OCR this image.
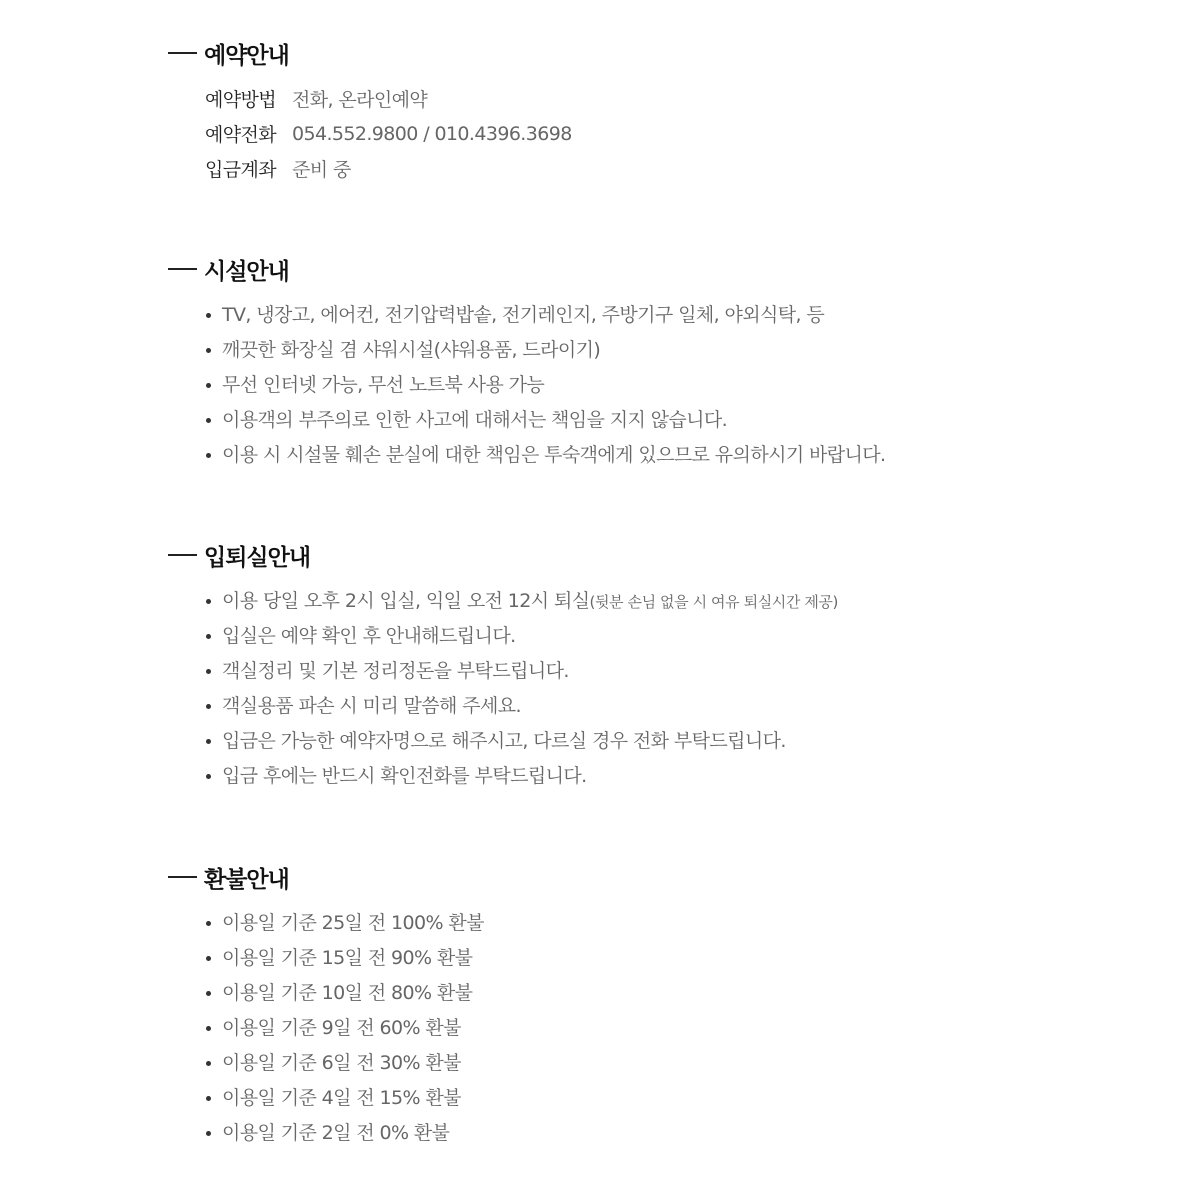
예약안내
예약방법 전화, 온라인예약
예약전화 054.552.9800 / 010.4396.3698
입금계좌 준비 중
시설안내
TV, 냉장고, 에어컨, 전기압력밥솥, 전기레인지, 주방기구 일체, 야외식탁, 등
깨끗한 화장실 겸 샤워시설(샤워용품, 드라이기)
무선 인터넷 가능, 무선 노트북 사용 가능
이용객의 부주의로 인한 사고에 대해서는 책임을 지지 않습니다.
이용 시 시설물 훼손 분실에 대한 책임은 투숙객에게 있으므로 유의하시기 바랍니다.
입퇴실안내
이용 당일 오후 2시 입실, 익일 오전 12시 퇴실(뒷분 손님 없을 시 여유 퇴실시간 제공)
입실은 예약 확인 후 안내해드립니다.
객실정리 및 기본 정리정돈을 부탁드립니다.
객실용품 파손 시 미리 말씀해 주세요.
입금은 가능한 예약자명으로 해주시고, 다르실 경우 전화 부탁드립니다.
입금 후에는 반드시 확인전화를 부탁드립니다.
환불안내
이용일 기준 25일 전 100% 환불
이용일 기준 15일 전 90% 환불
이용일 기준 10일 전 80% 환불
이용일 기준 9일 전 60% 환불
이용일 기준 6일 전 30% 환불
이용일 기준 4일 전 15% 환불
이용일 기준 2일 전 0% 환불
